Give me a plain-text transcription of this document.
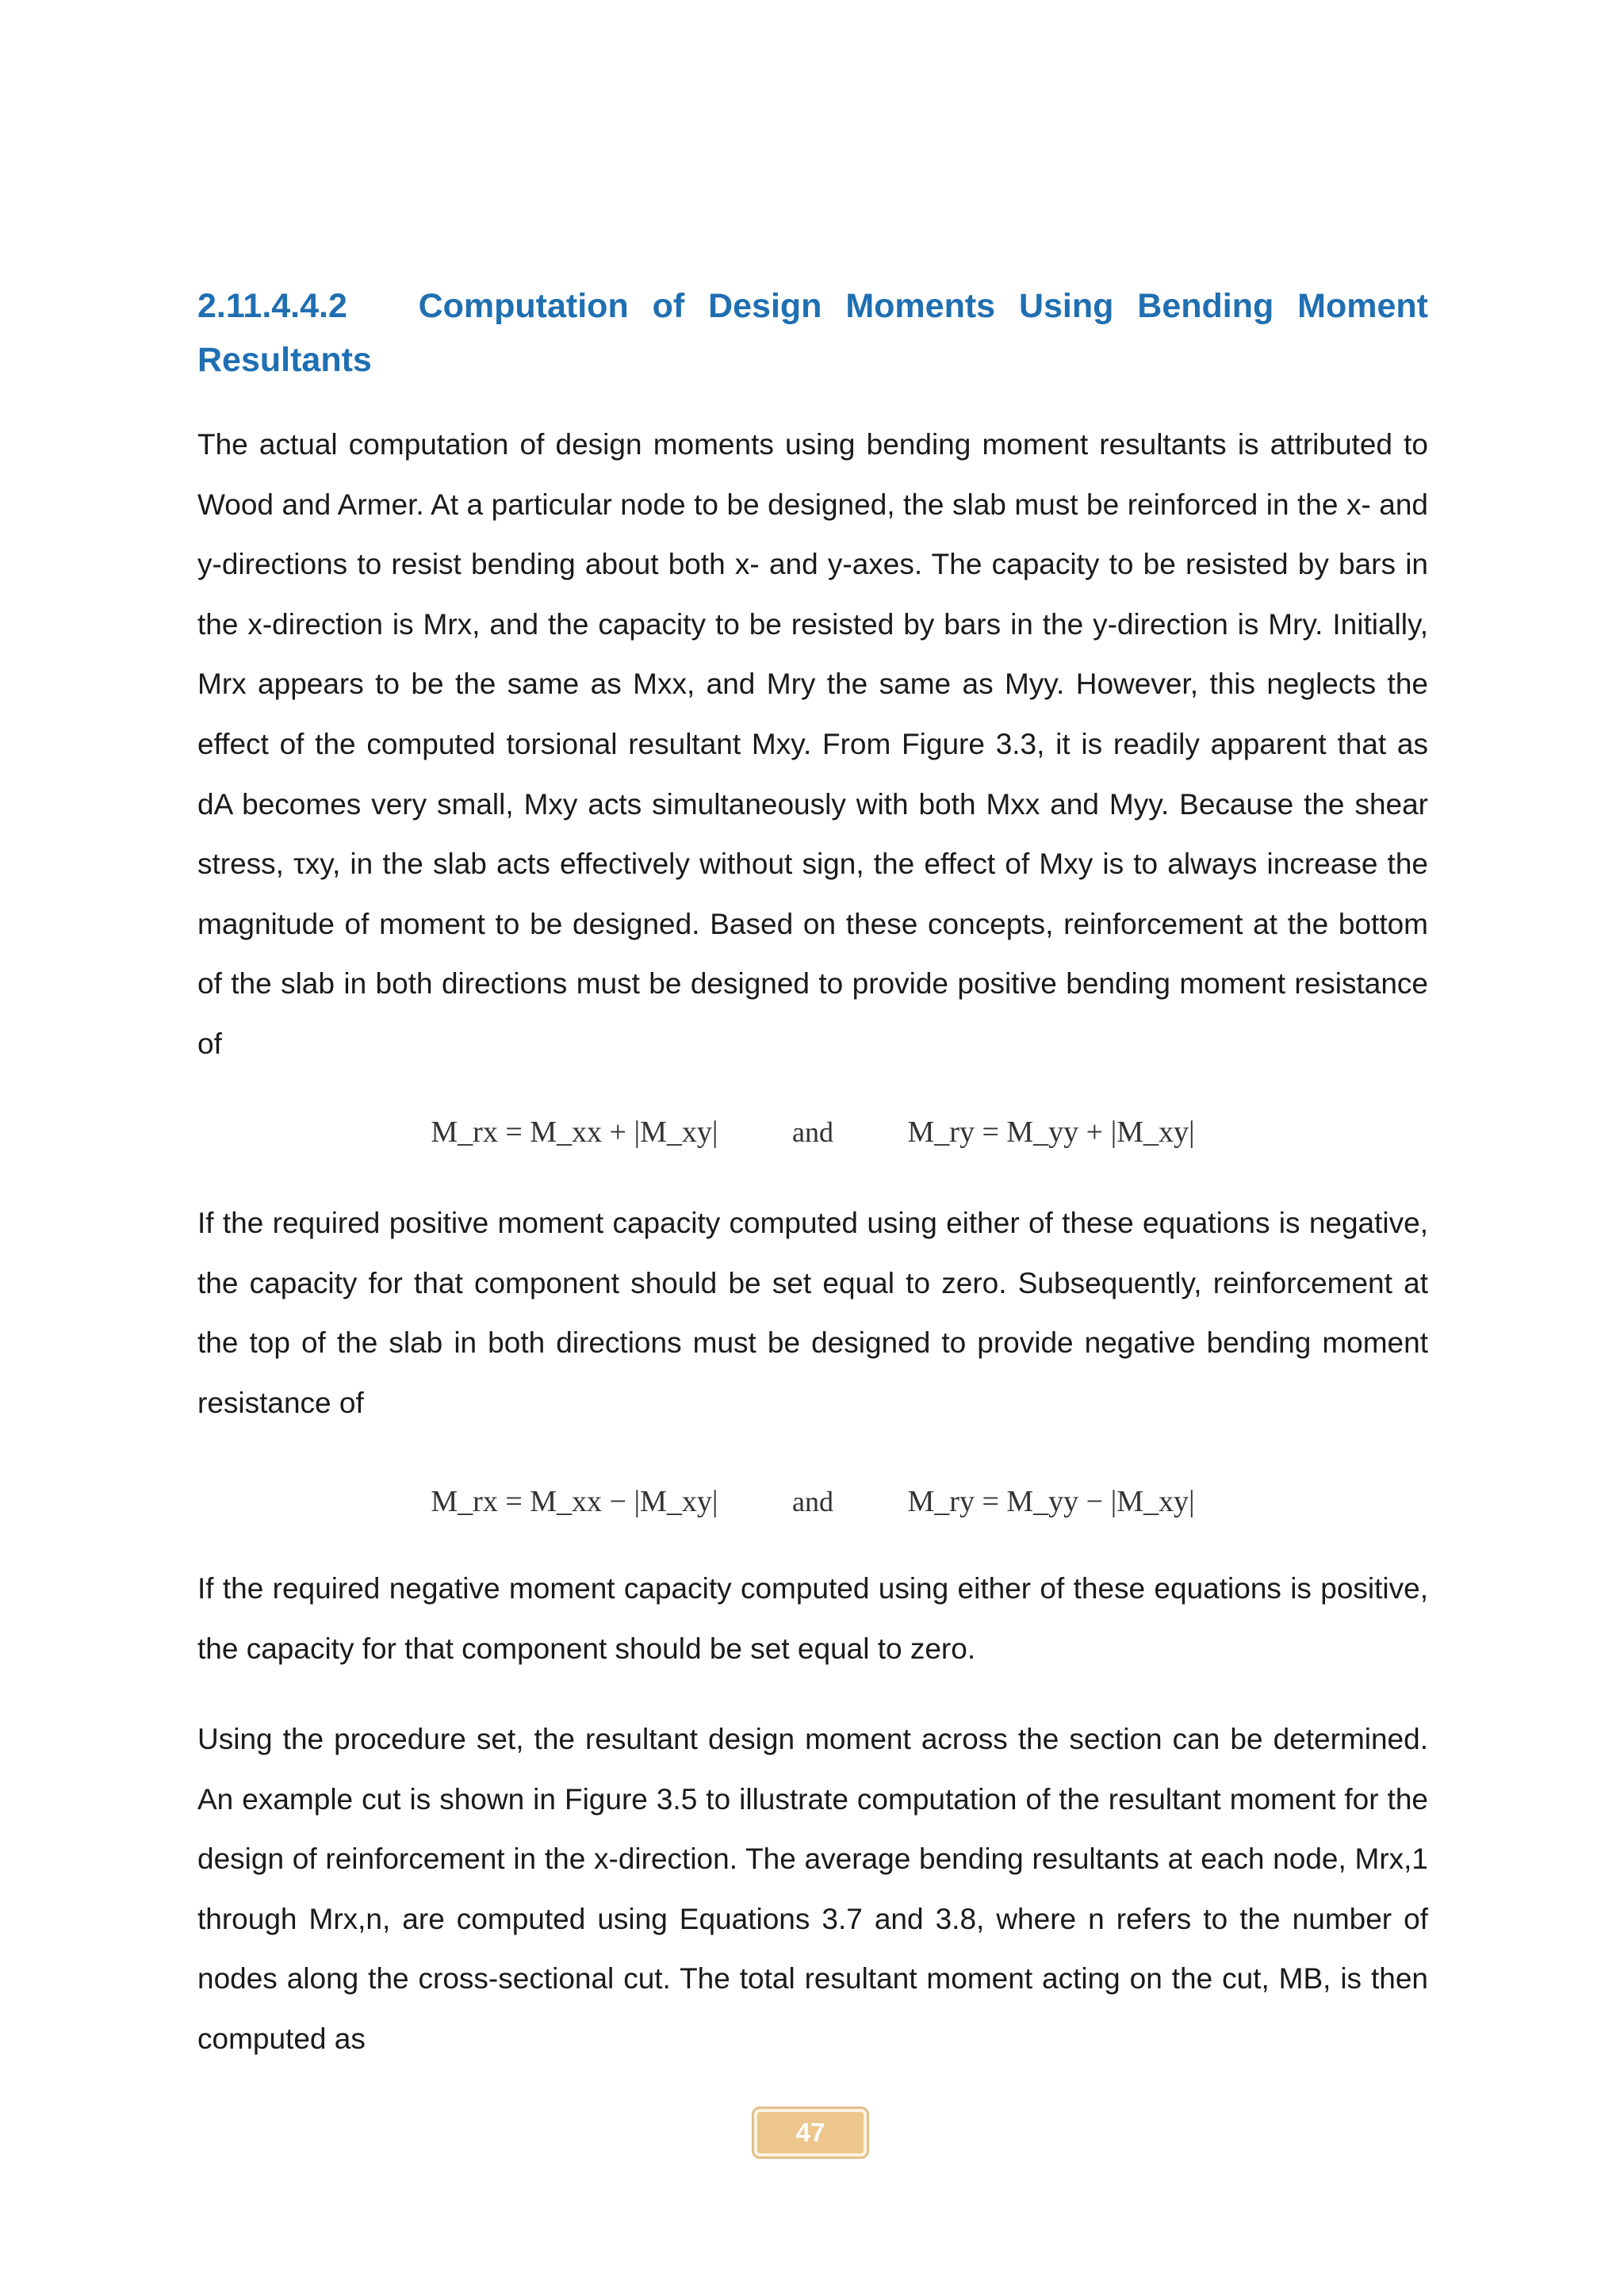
2.11.4.4.2 Computation of Design Moments Using Bending Moment Resultants

The actual computation of design moments using bending moment resultants is attributed to Wood and Armer. At a particular node to be designed, the slab must be reinforced in the x- and y-directions to resist bending about both x- and y-axes. The capacity to be resisted by bars in the x-direction is Mrx, and the capacity to be resisted by bars in the y-direction is Mry. Initially, Mrx appears to be the same as Mxx, and Mry the same as Myy. However, this neglects the effect of the computed torsional resultant Mxy. From Figure 3.3, it is readily apparent that as dA becomes very small, Mxy acts simultaneously with both Mxx and Myy. Because the shear stress, τxy, in the slab acts effectively without sign, the effect of Mxy is to always increase the magnitude of moment to be designed. Based on these concepts, reinforcement at the bottom of the slab in both directions must be designed to provide positive bending moment resistance of

M_rx = M_xx + |M_xy|	and M_ry = M_yy + |M_xy|

If the required positive moment capacity computed using either of these equations is negative, the capacity for that component should be set equal to zero. Subsequently, reinforcement at the top of the slab in both directions must be designed to provide negative bending moment resistance of

M_rx = M_xx − |M_xy|	and M_ry = M_yy − |M_xy|

If the required negative moment capacity computed using either of these equations is positive, the capacity for that component should be set equal to zero.

Using the procedure set, the resultant design moment across the section can be determined. An example cut is shown in Figure 3.5 to illustrate computation of the resultant moment for the design of reinforcement in the x-direction. The average bending resultants at each node, Mrx,1 through Mrx,n, are computed using Equations 3.7 and 3.8, where n refers to the number of nodes along the cross-sectional cut. The total resultant moment acting on the cut, MB, is then computed as

47
